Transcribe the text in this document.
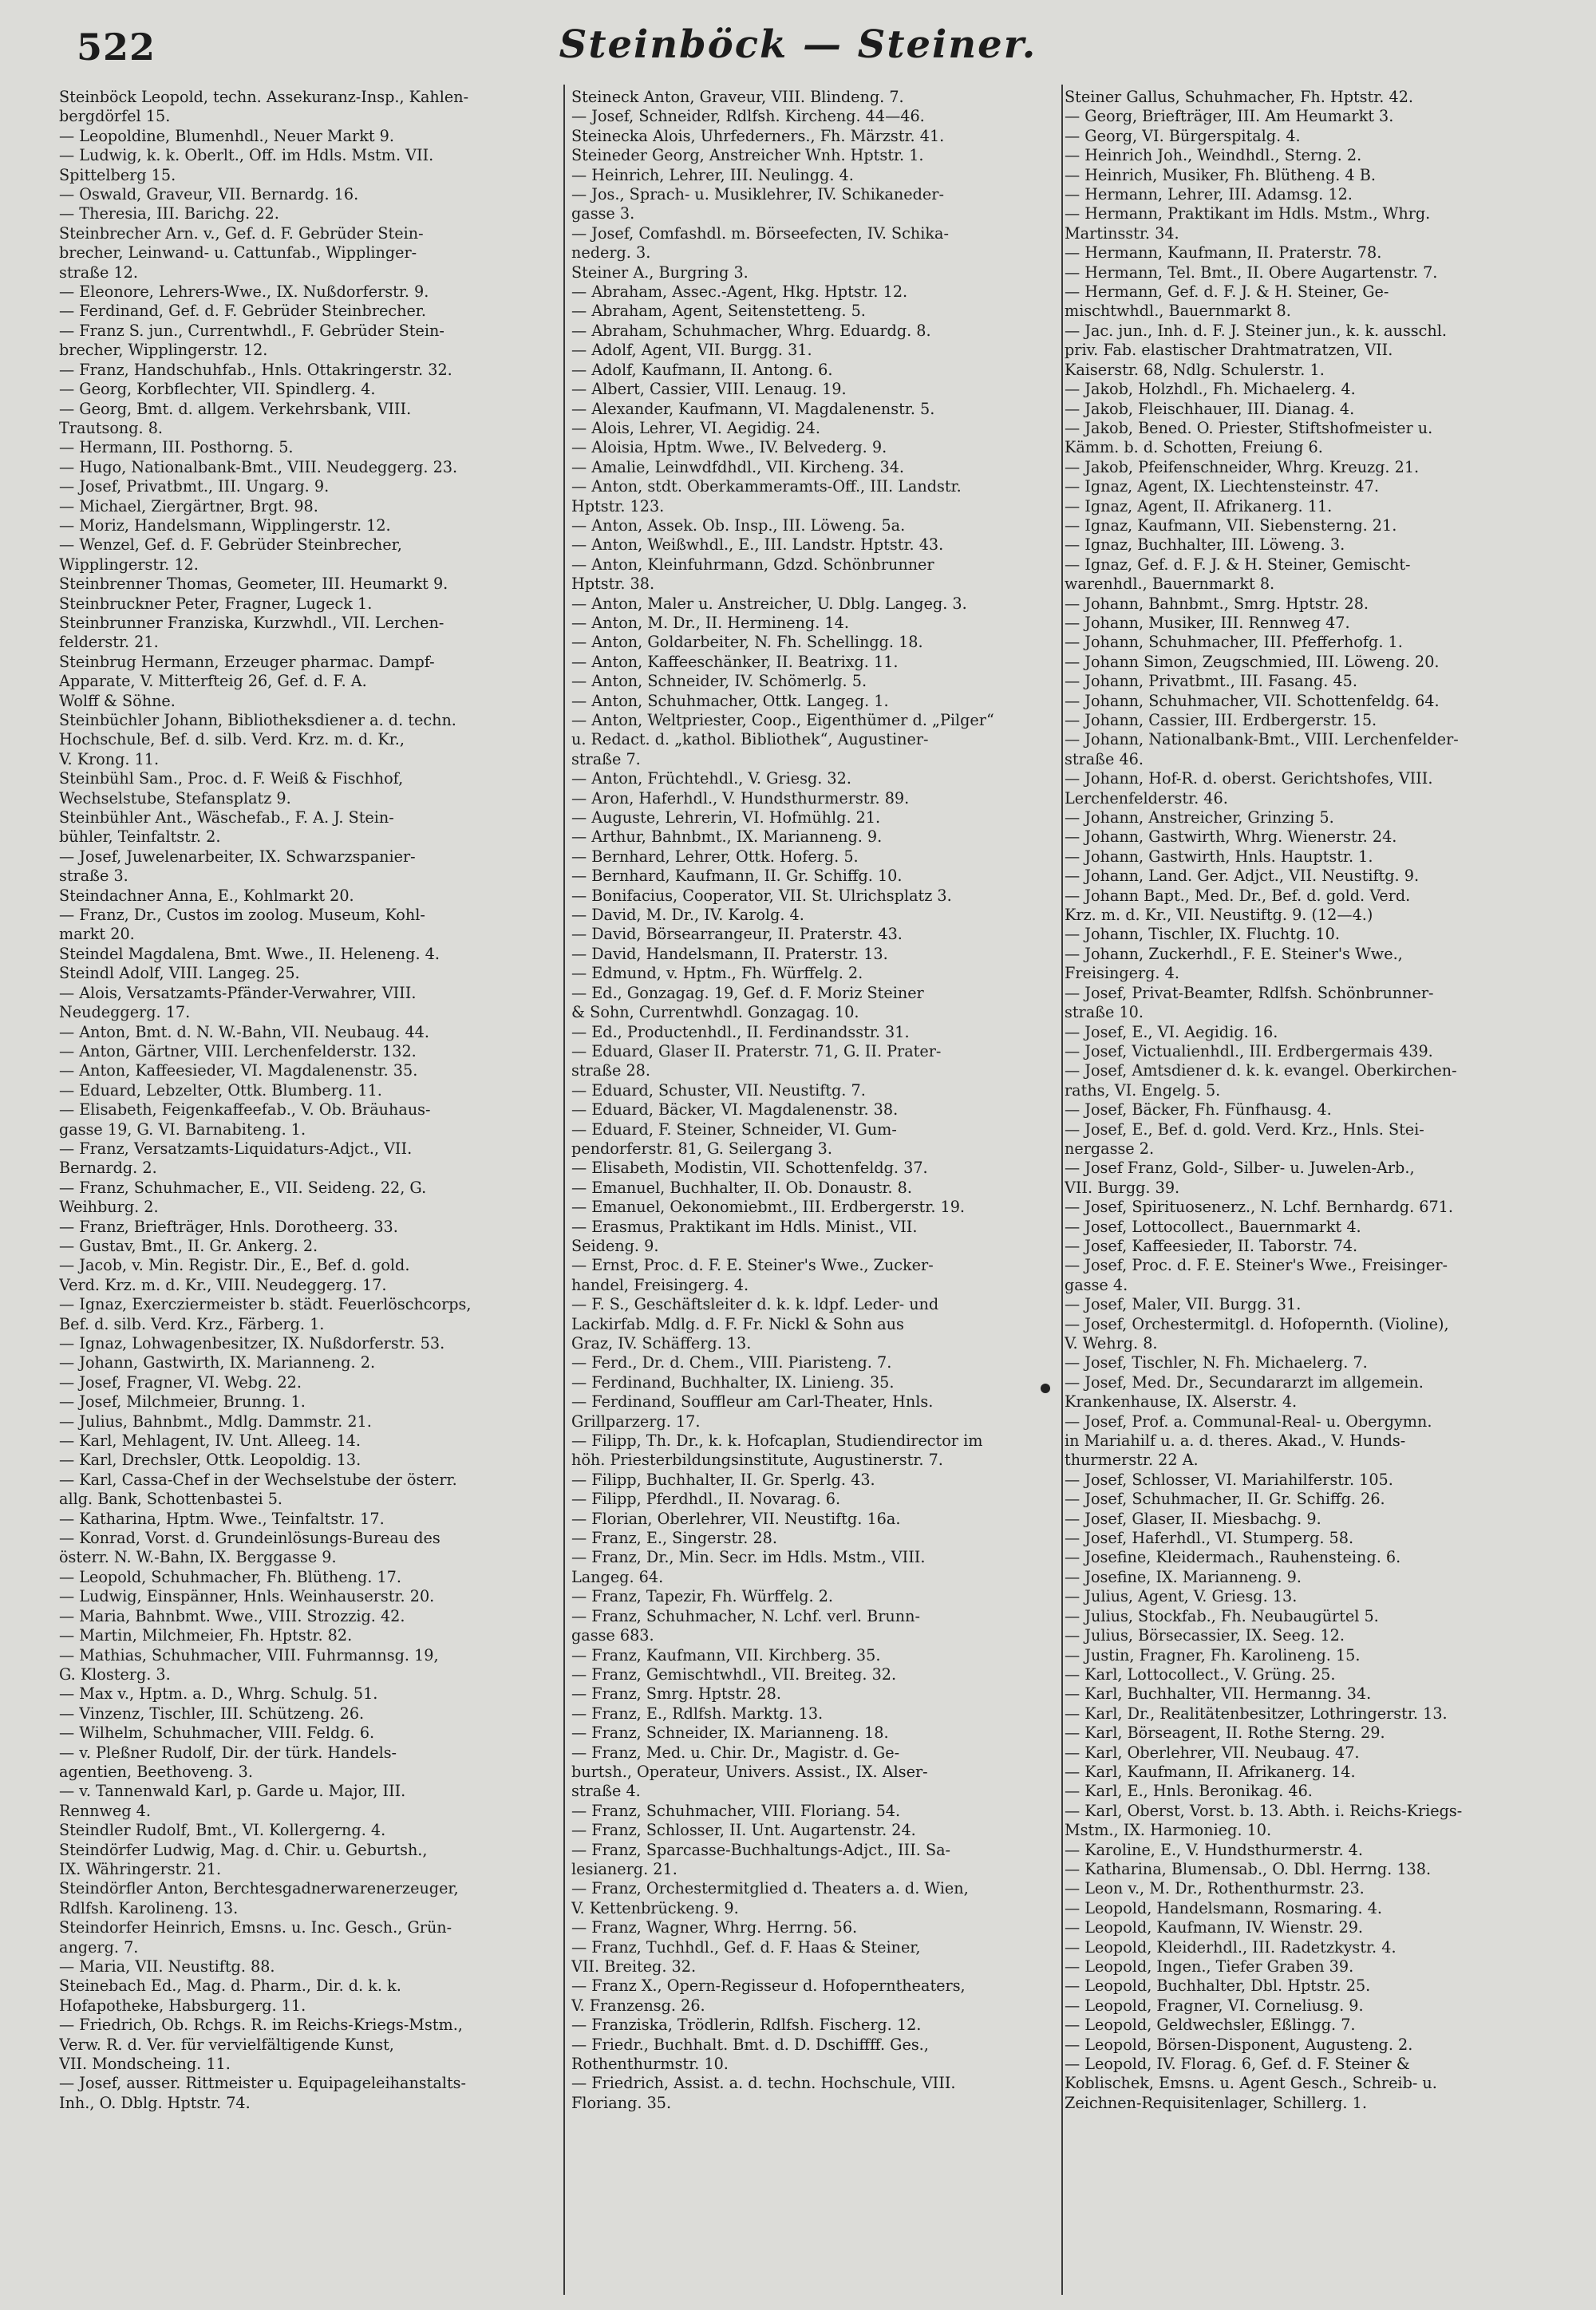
522	Steinböck — Steiner.
Steinböck Leopold, techn. Assekuranz-Insp., Kahlen-
bergdörfel 15.
— Leopoldine, Blumenhdl., Neuer Markt 9.
— Ludwig, k. k. Oberlt., Off. im Hdls. Mstm. VII.
Spittelberg 15.
— Oswald, Graveur, VII. Bernardg. 16.
— Theresia, III. Barichg. 22.
Steinbrecher Arn. v., Gef. d. F. Gebrüder Stein-
brecher, Leinwand- u. Cattunfab., Wipplinger-
straße 12.
— Eleonore, Lehrers-Wwe., IX. Nußdorferstr. 9.
— Ferdinand, Gef. d. F. Gebrüder Steinbrecher.
— Franz S. jun., Currentwhdl., F. Gebrüder Stein-
brecher, Wipplingerstr. 12.
— Franz, Handschuhfab., Hnls. Ottakringerstr. 32.
— Georg, Korbflechter, VII. Spindlerg. 4.
— Georg, Bmt. d. allgem. Verkehrsbank, VIII.
Trautsong. 8.
— Hermann, III. Posthorng. 5.
— Hugo, Nationalbank-Bmt., VIII. Neudeggerg. 23.
— Josef, Privatbmt., III. Ungarg. 9.
— Michael, Ziergärtner, Brgt. 98.
— Moriz, Handelsmann, Wipplingerstr. 12.
— Wenzel, Gef. d. F. Gebrüder Steinbrecher,
Wipplingerstr. 12.
Steinbrenner Thomas, Geometer, III. Heumarkt 9.
Steinbruckner Peter, Fragner, Lugeck 1.
Steinbrunner Franziska, Kurzwhdl., VII. Lerchen-
felderstr. 21.
Steinbrug Hermann, Erzeuger pharmac. Dampf-
Apparate, V. Mitterfteig 26, Gef. d. F. A.
Wolff & Söhne.
Steinbüchler Johann, Bibliotheksdiener a. d. techn.
Hochschule, Bef. d. silb. Verd. Krz. m. d. Kr.,
V. Krong. 11.
Steinbühl Sam., Proc. d. F. Weiß & Fischhof,
Wechselstube, Stefansplatz 9.
Steinbühler Ant., Wäschefab., F. A. J. Stein-
bühler, Teinfaltstr. 2.
— Josef, Juwelenarbeiter, IX. Schwarzspanier-
straße 3.
Steindachner Anna, E., Kohlmarkt 20.
— Franz, Dr., Custos im zoolog. Museum, Kohl-
markt 20.
Steindel Magdalena, Bmt. Wwe., II. Heleneng. 4.
Steindl Adolf, VIII. Langeg. 25.
— Alois, Versatzamts-Pfänder-Verwahrer, VIII.
Neudeggerg. 17.
— Anton, Bmt. d. N. W.-Bahn, VII. Neubaug. 44.
— Anton, Gärtner, VIII. Lerchenfelderstr. 132.
— Anton, Kaffeesieder, VI. Magdalenenstr. 35.
— Eduard, Lebzelter, Ottk. Blumberg. 11.
— Elisabeth, Feigenkaffeefab., V. Ob. Bräuhaus-
gasse 19, G. VI. Barnabiteng. 1.
— Franz, Versatzamts-Liquidaturs-Adjct., VII.
Bernardg. 2.
— Franz, Schuhmacher, E., VII. Seideng. 22, G.
Weihburg. 2.
— Franz, Briefträger, Hnls. Dorotheerg. 33.
— Gustav, Bmt., II. Gr. Ankerg. 2.
— Jacob, v. Min. Registr. Dir., E., Bef. d. gold.
Verd. Krz. m. d. Kr., VIII. Neudeggerg. 17.
— Ignaz, Exercziermeister b. städt. Feuerlöschcorps,
Bef. d. silb. Verd. Krz., Färberg. 1.
— Ignaz, Lohwagenbesitzer, IX. Nußdorferstr. 53.
— Johann, Gastwirth, IX. Marianneng. 2.
— Josef, Fragner, VI. Webg. 22.
— Josef, Milchmeier, Brunng. 1.
— Julius, Bahnbmt., Mdlg. Dammstr. 21.
— Karl, Mehlagent, IV. Unt. Alleeg. 14.
— Karl, Drechsler, Ottk. Leopoldig. 13.
— Karl, Cassa-Chef in der Wechselstube der österr.
allg. Bank, Schottenbastei 5.
— Katharina, Hptm. Wwe., Teinfaltstr. 17.
— Konrad, Vorst. d. Grundeinlösungs-Bureau des
österr. N. W.-Bahn, IX. Berggasse 9.
— Leopold, Schuhmacher, Fh. Blütheng. 17.
— Ludwig, Einspänner, Hnls. Weinhauserstr. 20.
— Maria, Bahnbmt. Wwe., VIII. Strozzig. 42.
— Martin, Milchmeier, Fh. Hptstr. 82.
— Mathias, Schuhmacher, VIII. Fuhrmannsg. 19,
G. Klosterg. 3.
— Max v., Hptm. a. D., Whrg. Schulg. 51.
— Vinzenz, Tischler, III. Schützeng. 26.
— Wilhelm, Schuhmacher, VIII. Feldg. 6.
— v. Pleßner Rudolf, Dir. der türk. Handels-
agentien, Beethoveng. 3.
— v. Tannenwald Karl, p. Garde u. Major, III.
Rennweg 4.
Steindler Rudolf, Bmt., VI. Kollergerng. 4.
Steindörfer Ludwig, Mag. d. Chir. u. Geburtsh.,
IX. Währingerstr. 21.
Steindörfler Anton, Berchtesgadnerwarenerzeuger,
Rdlfsh. Karolineng. 13.
Steindorfer Heinrich, Emsns. u. Inc. Gesch., Grün-
angerg. 7.
— Maria, VII. Neustiftg. 88.
Steinebach Ed., Mag. d. Pharm., Dir. d. k. k.
Hofapotheke, Habsburgerg. 11.
— Friedrich, Ob. Rchgs. R. im Reichs-Kriegs-Mstm.,
Verw. R. d. Ver. für vervielfältigende Kunst,
VII. Mondscheing. 11.
— Josef, ausser. Rittmeister u. Equipageleihanstalts-
Inh., O. Dblg. Hptstr. 74.
Steineck Anton, Graveur, VIII. Blindeng. 7.
— Josef, Schneider, Rdlfsh. Kircheng. 44—46.
Steinecka Alois, Uhrfederners., Fh. Märzstr. 41.
Steineder Georg, Anstreicher Wnh. Hptstr. 1.
— Heinrich, Lehrer, III. Neulingg. 4.
— Jos., Sprach- u. Musiklehrer, IV. Schikaneder-
gasse 3.
— Josef, Comfashdl. m. Börseefecten, IV. Schika-
nederg. 3.
Steiner A., Burgring 3.
— Abraham, Assec.-Agent, Hkg. Hptstr. 12.
— Abraham, Agent, Seitenstetteng. 5.
— Abraham, Schuhmacher, Whrg. Eduardg. 8.
— Adolf, Agent, VII. Burgg. 31.
— Adolf, Kaufmann, II. Antong. 6.
— Albert, Cassier, VIII. Lenaug. 19.
— Alexander, Kaufmann, VI. Magdalenenstr. 5.
— Alois, Lehrer, VI. Aegidig. 24.
— Aloisia, Hptm. Wwe., IV. Belvederg. 9.
— Amalie, Leinwdfdhdl., VII. Kircheng. 34.
— Anton, stdt. Oberkammeramts-Off., III. Landstr.
Hptstr. 123.
— Anton, Assek. Ob. Insp., III. Löweng. 5a.
— Anton, Weißwhdl., E., III. Landstr. Hptstr. 43.
— Anton, Kleinfuhrmann, Gdzd. Schönbrunner
Hptstr. 38.
— Anton, Maler u. Anstreicher, U. Dblg. Langeg. 3.
— Anton, M. Dr., II. Hermineng. 14.
— Anton, Goldarbeiter, N. Fh. Schellingg. 18.
— Anton, Kaffeeschänker, II. Beatrixg. 11.
— Anton, Schneider, IV. Schömerlg. 5.
— Anton, Schuhmacher, Ottk. Langeg. 1.
— Anton, Weltpriester, Coop., Eigenthümer d. „Pilger“
u. Redact. d. „kathol. Bibliothek“, Augustiner-
straße 7.
— Anton, Früchtehdl., V. Griesg. 32.
— Aron, Haferhdl., V. Hundsthurmerstr. 89.
— Auguste, Lehrerin, VI. Hofmühlg. 21.
— Arthur, Bahnbmt., IX. Marianneng. 9.
— Bernhard, Lehrer, Ottk. Hoferg. 5.
— Bernhard, Kaufmann, II. Gr. Schiffg. 10.
— Bonifacius, Cooperator, VII. St. Ulrichsplatz 3.
— David, M. Dr., IV. Karolg. 4.
— David, Börsearrangeur, II. Praterstr. 43.
— David, Handelsmann, II. Praterstr. 13.
— Edmund, v. Hptm., Fh. Würffelg. 2.
— Ed., Gonzagag. 19, Gef. d. F. Moriz Steiner
& Sohn, Currentwhdl. Gonzagag. 10.
— Ed., Productenhdl., II. Ferdinandsstr. 31.
— Eduard, Glaser II. Praterstr. 71, G. II. Prater-
straße 28.
— Eduard, Schuster, VII. Neustiftg. 7.
— Eduard, Bäcker, VI. Magdalenenstr. 38.
— Eduard, F. Steiner, Schneider, VI. Gum-
pendorferstr. 81, G. Seilergang 3.
— Elisabeth, Modistin, VII. Schottenfeldg. 37.
— Emanuel, Buchhalter, II. Ob. Donaustr. 8.
— Emanuel, Oekonomiebmt., III. Erdbergerstr. 19.
— Erasmus, Praktikant im Hdls. Minist., VII.
Seideng. 9.
— Ernst, Proc. d. F. E. Steiner's Wwe., Zucker-
handel, Freisingerg. 4.
— F. S., Geschäftsleiter d. k. k. ldpf. Leder- und
Lackirfab. Mdlg. d. F. Fr. Nickl & Sohn aus
Graz, IV. Schäfferg. 13.
— Ferd., Dr. d. Chem., VIII. Piaristeng. 7.
— Ferdinand, Buchhalter, IX. Linieng. 35.
— Ferdinand, Souffleur am Carl-Theater, Hnls.
Grillparzerg. 17.
— Filipp, Th. Dr., k. k. Hofcaplan, Studiendirector im
höh. Priesterbildungsinstitute, Augustinerstr. 7.
— Filipp, Buchhalter, II. Gr. Sperlg. 43.
— Filipp, Pferdhdl., II. Novarag. 6.
— Florian, Oberlehrer, VII. Neustiftg. 16a.
— Franz, E., Singerstr. 28.
— Franz, Dr., Min. Secr. im Hdls. Mstm., VIII.
Langeg. 64.
— Franz, Tapezir, Fh. Würffelg. 2.
— Franz, Schuhmacher, N. Lchf. verl. Brunn-
gasse 683.
— Franz, Kaufmann, VII. Kirchberg. 35.
— Franz, Gemischtwhdl., VII. Breiteg. 32.
— Franz, Smrg. Hptstr. 28.
— Franz, E., Rdlfsh. Marktg. 13.
— Franz, Schneider, IX. Marianneng. 18.
— Franz, Med. u. Chir. Dr., Magistr. d. Ge-
burtsh., Operateur, Univers. Assist., IX. Alser-
straße 4.
— Franz, Schuhmacher, VIII. Floriang. 54.
— Franz, Schlosser, II. Unt. Augartenstr. 24.
— Franz, Sparcasse-Buchhaltungs-Adjct., III. Sa-
lesianerg. 21.
— Franz, Orchestermitglied d. Theaters a. d. Wien,
V. Kettenbrückeng. 9.
— Franz, Wagner, Whrg. Herrng. 56.
— Franz, Tuchhdl., Gef. d. F. Haas & Steiner,
VII. Breiteg. 32.
— Franz X., Opern-Regisseur d. Hofoperntheaters,
V. Franzensg. 26.
— Franziska, Trödlerin, Rdlfsh. Fischerg. 12.
— Friedr., Buchhalt. Bmt. d. D. Dschiffff. Ges.,
Rothenthurmstr. 10.
— Friedrich, Assist. a. d. techn. Hochschule, VIII.
Floriang. 35.
Steiner Gallus, Schuhmacher, Fh. Hptstr. 42.
— Georg, Briefträger, III. Am Heumarkt 3.
— Georg, VI. Bürgerspitalg. 4.
— Heinrich Joh., Weindhdl., Sterng. 2.
— Heinrich, Musiker, Fh. Blütheng. 4 B.
— Hermann, Lehrer, III. Adamsg. 12.
— Hermann, Praktikant im Hdls. Mstm., Whrg.
Martinsstr. 34.
— Hermann, Kaufmann, II. Praterstr. 78.
— Hermann, Tel. Bmt., II. Obere Augartenstr. 7.
— Hermann, Gef. d. F. J. & H. Steiner, Ge-
mischtwhdl., Bauernmarkt 8.
— Jac. jun., Inh. d. F. J. Steiner jun., k. k. ausschl.
priv. Fab. elastischer Drahtmatratzen, VII.
Kaiserstr. 68, Ndlg. Schulerstr. 1.
— Jakob, Holzhdl., Fh. Michaelerg. 4.
— Jakob, Fleischhauer, III. Dianag. 4.
— Jakob, Bened. O. Priester, Stiftshofmeister u.
Kämm. b. d. Schotten, Freiung 6.
— Jakob, Pfeifenschneider, Whrg. Kreuzg. 21.
— Ignaz, Agent, IX. Liechtensteinstr. 47.
— Ignaz, Agent, II. Afrikanerg. 11.
— Ignaz, Kaufmann, VII. Siebensterng. 21.
— Ignaz, Buchhalter, III. Löweng. 3.
— Ignaz, Gef. d. F. J. & H. Steiner, Gemischt-
warenhdl., Bauernmarkt 8.
— Johann, Bahnbmt., Smrg. Hptstr. 28.
— Johann, Musiker, III. Rennweg 47.
— Johann, Schuhmacher, III. Pfefferhofg. 1.
— Johann Simon, Zeugschmied, III. Löweng. 20.
— Johann, Privatbmt., III. Fasang. 45.
— Johann, Schuhmacher, VII. Schottenfeldg. 64.
— Johann, Cassier, III. Erdbergerstr. 15.
— Johann, Nationalbank-Bmt., VIII. Lerchenfelder-
straße 46.
— Johann, Hof-R. d. oberst. Gerichtshofes, VIII.
Lerchenfelderstr. 46.
— Johann, Anstreicher, Grinzing 5.
— Johann, Gastwirth, Whrg. Wienerstr. 24.
— Johann, Gastwirth, Hnls. Hauptstr. 1.
— Johann, Land. Ger. Adjct., VII. Neustiftg. 9.
— Johann Bapt., Med. Dr., Bef. d. gold. Verd.
Krz. m. d. Kr., VII. Neustiftg. 9. (12—4.)
— Johann, Tischler, IX. Fluchtg. 10.
— Johann, Zuckerhdl., F. E. Steiner's Wwe.,
Freisingerg. 4.
— Josef, Privat-Beamter, Rdlfsh. Schönbrunner-
straße 10.
— Josef, E., VI. Aegidig. 16.
— Josef, Victualienhdl., III. Erdbergermais 439.
— Josef, Amtsdiener d. k. k. evangel. Oberkirchen-
raths, VI. Engelg. 5.
— Josef, Bäcker, Fh. Fünfhausg. 4.
— Josef, E., Bef. d. gold. Verd. Krz., Hnls. Stei-
nergasse 2.
— Josef Franz, Gold-, Silber- u. Juwelen-Arb.,
VII. Burgg. 39.
— Josef, Spirituosenerz., N. Lchf. Bernhardg. 671.
— Josef, Lottocollect., Bauernmarkt 4.
— Josef, Kaffeesieder, II. Taborstr. 74.
— Josef, Proc. d. F. E. Steiner's Wwe., Freisinger-
gasse 4.
— Josef, Maler, VII. Burgg. 31.
— Josef, Orchestermitgl. d. Hofopernth. (Violine),
V. Wehrg. 8.
— Josef, Tischler, N. Fh. Michaelerg. 7.
— Josef, Med. Dr., Secundararzt im allgemein.
Krankenhause, IX. Alserstr. 4.
— Josef, Prof. a. Communal-Real- u. Obergymn.
in Mariahilf u. a. d. theres. Akad., V. Hunds-
thurmerstr. 22 A.
— Josef, Schlosser, VI. Mariahilferstr. 105.
— Josef, Schuhmacher, II. Gr. Schiffg. 26.
— Josef, Glaser, II. Miesbachg. 9.
— Josef, Haferhdl., VI. Stumperg. 58.
— Josefine, Kleidermach., Rauhensteing. 6.
— Josefine, IX. Marianneng. 9.
— Julius, Agent, V. Griesg. 13.
— Julius, Stockfab., Fh. Neubaugürtel 5.
— Julius, Börsecassier, IX. Seeg. 12.
— Justin, Fragner, Fh. Karolineng. 15.
— Karl, Lottocollect., V. Grüng. 25.
— Karl, Buchhalter, VII. Hermanng. 34.
— Karl, Dr., Realitätenbesitzer, Lothringerstr. 13.
— Karl, Börseagent, II. Rothe Sterng. 29.
— Karl, Oberlehrer, VII. Neubaug. 47.
— Karl, Kaufmann, II. Afrikanerg. 14.
— Karl, E., Hnls. Beronikag. 46.
— Karl, Oberst, Vorst. b. 13. Abth. i. Reichs-Kriegs-
Mstm., IX. Harmonieg. 10.
— Karoline, E., V. Hundsthurmerstr. 4.
— Katharina, Blumensab., O. Dbl. Herrng. 138.
— Leon v., M. Dr., Rothenthurmstr. 23.
— Leopold, Handelsmann, Rosmaring. 4.
— Leopold, Kaufmann, IV. Wienstr. 29.
— Leopold, Kleiderhdl., III. Radetzkystr. 4.
— Leopold, Ingen., Tiefer Graben 39.
— Leopold, Buchhalter, Dbl. Hptstr. 25.
— Leopold, Fragner, VI. Corneliusg. 9.
— Leopold, Geldwechsler, Eßlingg. 7.
— Leopold, Börsen-Disponent, Augusteng. 2.
— Leopold, IV. Florag. 6, Gef. d. F. Steiner &
Koblischek, Emsns. u. Agent Gesch., Schreib- u.
Zeichnen-Requisitenlager, Schillerg. 1.
